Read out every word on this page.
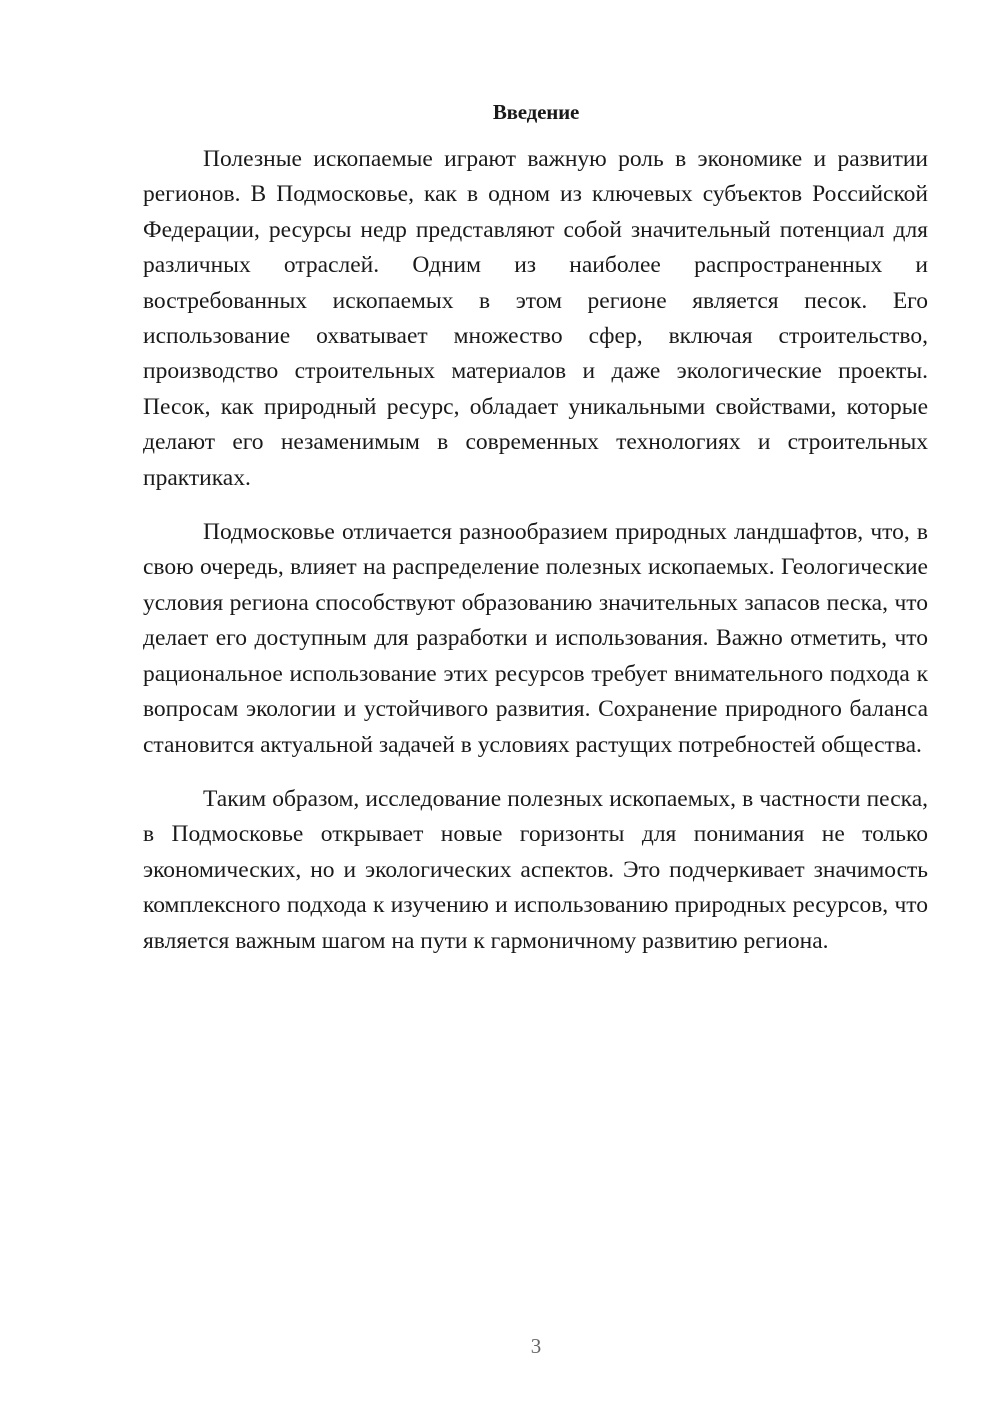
Введение

Полезные ископаемые играют важную роль в экономике и развитии регионов. В Подмосковье, как в одном из ключевых субъектов Российской Федерации, ресурсы недр представляют собой значительный потенциал для различных отраслей. Одним из наиболее распространенных и востребованных ископаемых в этом регионе является песок. Его использование охватывает множество сфер, включая строительство, производство строительных материалов и даже экологические проекты. Песок, как природный ресурс, обладает уникальными свойствами, которые делают его незаменимым в современных технологиях и строительных практиках.

Подмосковье отличается разнообразием природных ландшафтов, что, в свою очередь, влияет на распределение полезных ископаемых. Геологические условия региона способствуют образованию значительных запасов песка, что делает его доступным для разработки и использования. Важно отметить, что рациональное использование этих ресурсов требует внимательного подхода к вопросам экологии и устойчивого развития. Сохранение природного баланса становится актуальной задачей в условиях растущих потребностей общества.

Таким образом, исследование полезных ископаемых, в частности песка, в Подмосковье открывает новые горизонты для понимания не только экономических, но и экологических аспектов. Это подчеркивает значимость комплексного подхода к изучению и использованию природных ресурсов, что является важным шагом на пути к гармоничному развитию региона.

3
